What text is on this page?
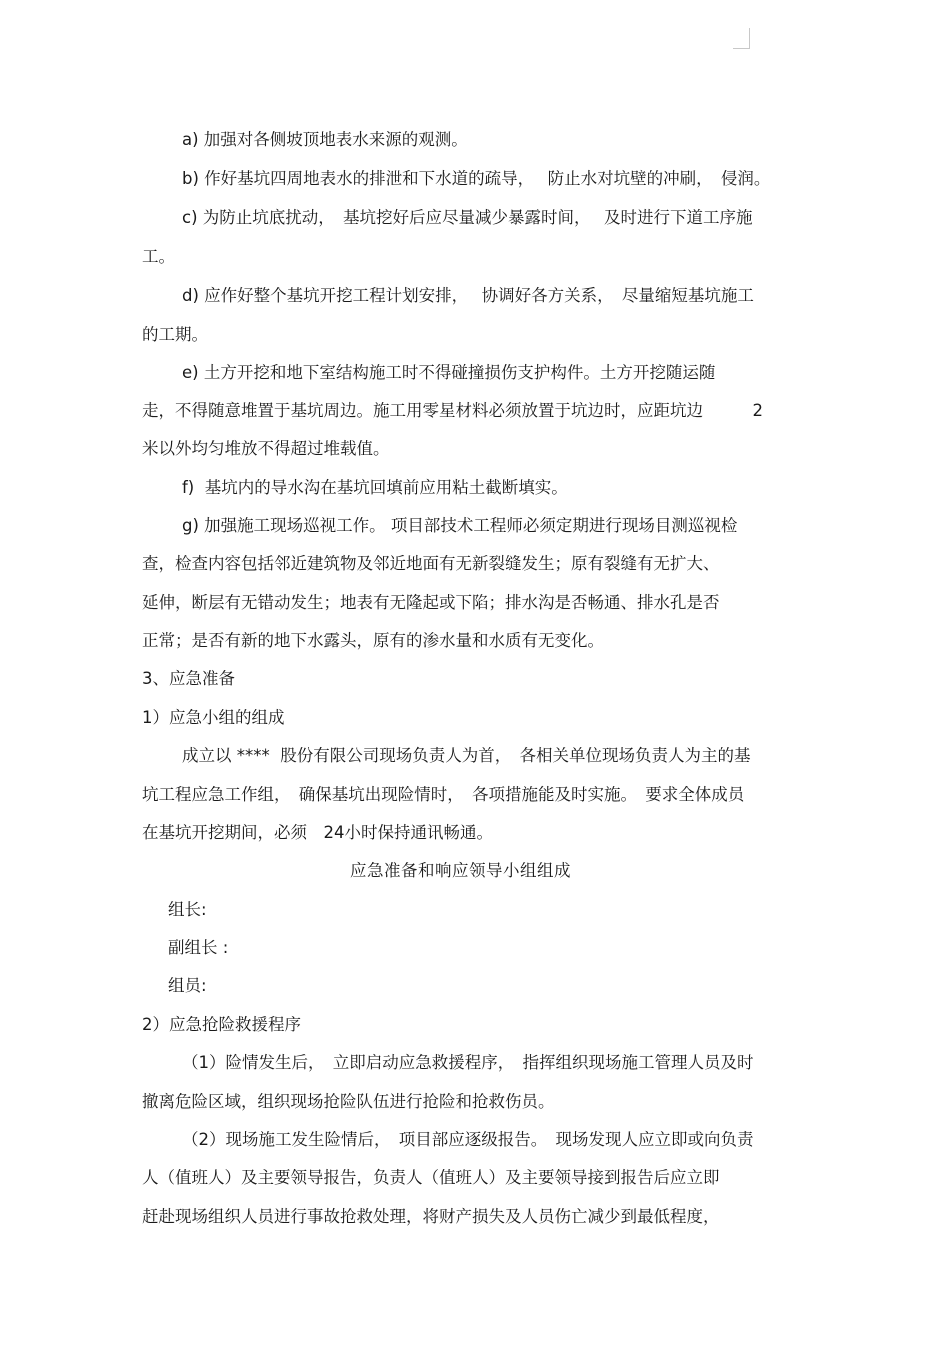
a) 加强对各侧坡顶地表水来源的观测。

b) 作好基坑四周地表水的排泄和下水道的疏导，　 防止水对坑壁的冲刷，　侵润。

c) 为防止坑底扰动，　基坑挖好后应尽量减少暴露时间，　 及时进行下道工序施

工。

d) 应作好整个基坑开挖工程计划安排，　 协调好各方关系，　尽量缩短基坑施工

的工期。

e) 土方开挖和地下室结构施工时不得碰撞损伤支护构件。土方开挖随运随

走，不得随意堆置于基坑周边。施工用零星材料必须放置于坑边时，应距坑边　　　2

米以外均匀堆放不得超过堆载值。

f)  基坑内的导水沟在基坑回填前应用粘土截断填实。

g) 加强施工现场巡视工作。 项目部技术工程师必须定期进行现场目测巡视检

查，检查内容包括邻近建筑物及邻近地面有无新裂缝发生；原有裂缝有无扩大、

延伸，断层有无错动发生；地表有无隆起或下陷；排水沟是否畅通、排水孔是否

正常；是否有新的地下水露头，原有的渗水量和水质有无变化。

3、应急准备

1）应急小组的组成

成立以 ****  股份有限公司现场负责人为首，　各相关单位现场负责人为主的基

坑工程应急工作组，　确保基坑出现险情时，　各项措施能及时实施。　要求全体成员

在基坑开挖期间，必须　24小时保持通讯畅通。

应急准备和响应领导小组组成

组长:

副组长 :

组员:

2）应急抢险救援程序

（1）险情发生后，　立即启动应急救援程序，　指挥组织现场施工管理人员及时

撤离危险区域，组织现场抢险队伍进行抢险和抢救伤员。

（2）现场施工发生险情后，　项目部应逐级报告。　现场发现人应立即或向负责

人（值班人）及主要领导报告，负责人（值班人）及主要领导接到报告后应立即

赶赴现场组织人员进行事故抢救处理，将财产损失及人员伤亡减少到最低程度，
